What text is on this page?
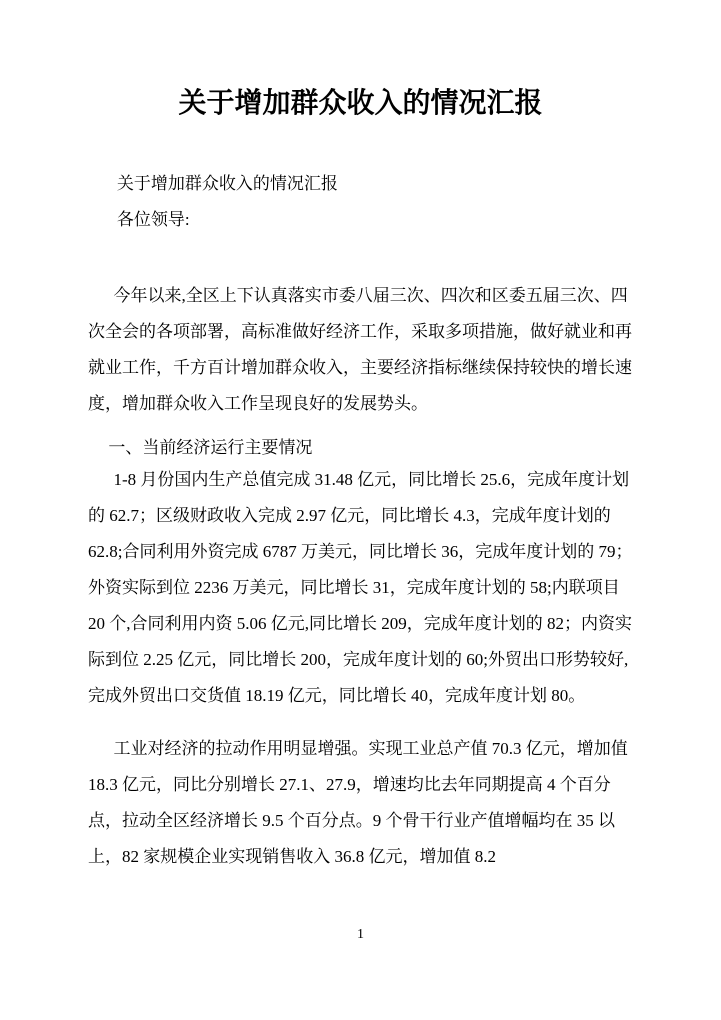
关于增加群众收入的情况汇报

关于增加群众收入的情况汇报

各位领导:

今年以来,全区上下认真落实市委八届三次、四次和区委五届三次、四次全会的各项部署，高标准做好经济工作，采取多项措施，做好就业和再就业工作，千方百计增加群众收入，主要经济指标继续保持较快的增长速度，增加群众收入工作呈现良好的发展势头。

一、当前经济运行主要情况

1-8 月份国内生产总值完成 31.48 亿元，同比增长 25.6，完成年度计划的 62.7；区级财政收入完成 2.97 亿元，同比增长 4.3，完成年度计划的 62.8;合同利用外资完成 6787 万美元，同比增长 36，完成年度计划的 79；外资实际到位 2236 万美元，同比增长 31，完成年度计划的 58;内联项目 20 个,合同利用内资 5.06 亿元,同比增长 209，完成年度计划的 82；内资实际到位 2.25 亿元，同比增长 200，完成年度计划的 60;外贸出口形势较好,完成外贸出口交货值 18.19 亿元，同比增长 40，完成年度计划 80。

工业对经济的拉动作用明显增强。实现工业总产值 70.3 亿元，增加值 18.3 亿元，同比分别增长 27.1、27.9，增速均比去年同期提高 4 个百分点，拉动全区经济增长 9.5 个百分点。9 个骨干行业产值增幅均在 35 以上，82 家规模企业实现销售收入 36.8 亿元，增加值 8.2

1
